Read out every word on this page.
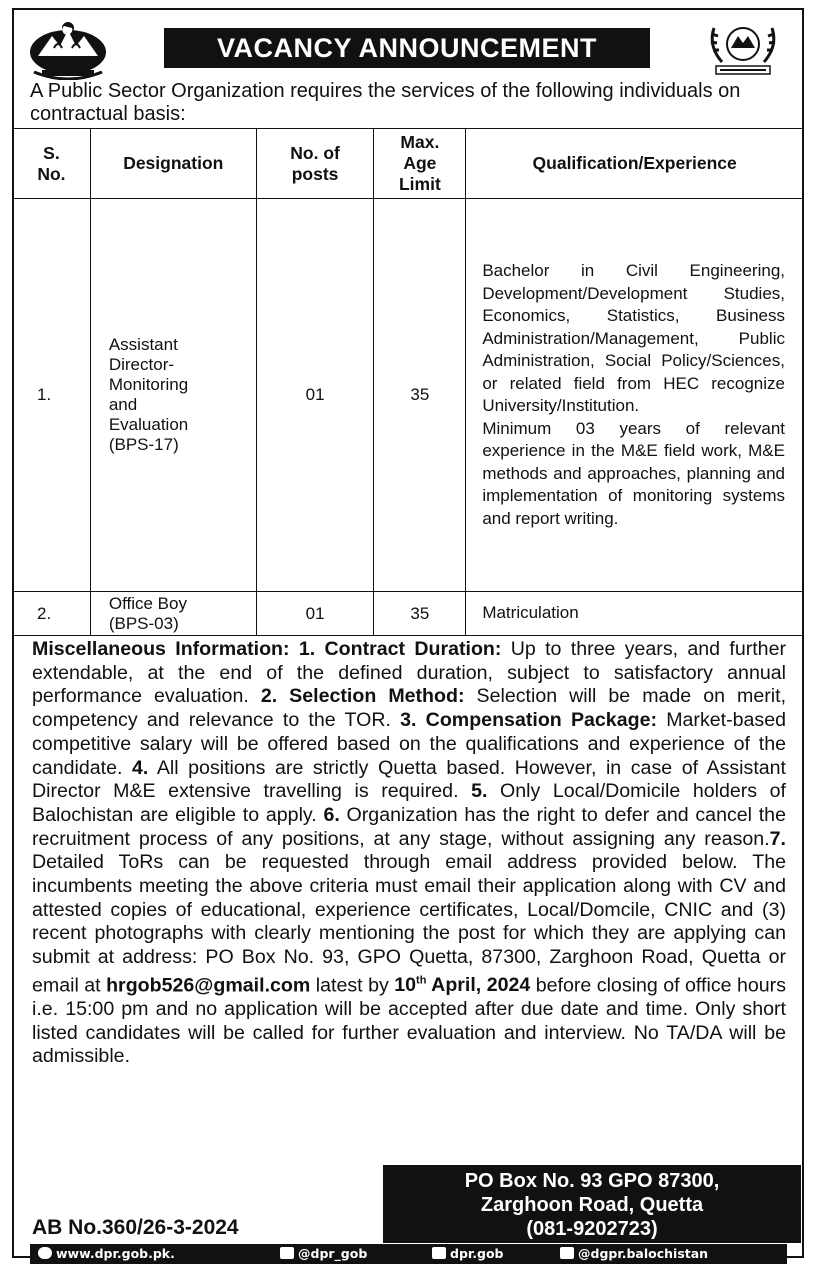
VACANCY ANNOUNCEMENT
A Public Sector Organization requires the services of the following individuals on contractual basis:
S. No.	Designation	No. of posts	Max. Age Limit	Qualification/Experience
1.	Assistant Director-Monitoring and Evaluation (BPS-17)	01	35	Bachelor in Civil Engineering, Development/Development Studies, Economics, Statistics, Business Administration/Management, Public Administration, Social Policy/Sciences, or related field from HEC recognize University/Institution.
Minimum 03 years of relevant experience in the M&E field work, M&E methods and approaches, planning and implementation of monitoring systems and report writing.

2.	Office Boy (BPS-03)	01	35	Matriculation
Miscellaneous Information: 1. Contract Duration: Up to three years, and further extendable, at the end of the defined duration, subject to satisfactory annual performance evaluation. 2. Selection Method: Selection will be made on merit, competency and relevance to the TOR. 3. Compensation Package: Market-based competitive salary will be offered based on the qualifications and experience of the candidate. 4. All positions are strictly Quetta based. However, in case of Assistant Director M&E extensive travelling is required. 5. Only Local/Domicile holders of Balochistan are eligible to apply. 6. Organization has the right to defer and cancel the recruitment process of any positions, at any stage, without assigning any reason.7. Detailed ToRs can be requested through email address provided below. The incumbents meeting the above criteria must email their application along with CV and attested copies of educational, experience certificates, Local/Domcile, CNIC and (3) recent photographs with clearly mentioning the post for which they are applying can submit at address: PO Box No. 93, GPO Quetta, 87300, Zarghoon Road, Quetta or email at hrgob526@gmail.com latest by 10th April, 2024 before closing of office hours i.e. 15:00 pm and no application will be accepted after due date and time. Only short listed candidates will be called for further evaluation and interview. No TA/DA will be admissible.
PO Box No. 93 GPO 87300,
Zarghoon Road, Quetta
(081-9202723)
AB No.360/26-3-2024
www.dpr.gob.pk.	@dpr_gob	dpr.gob	@dgpr.balochistan
